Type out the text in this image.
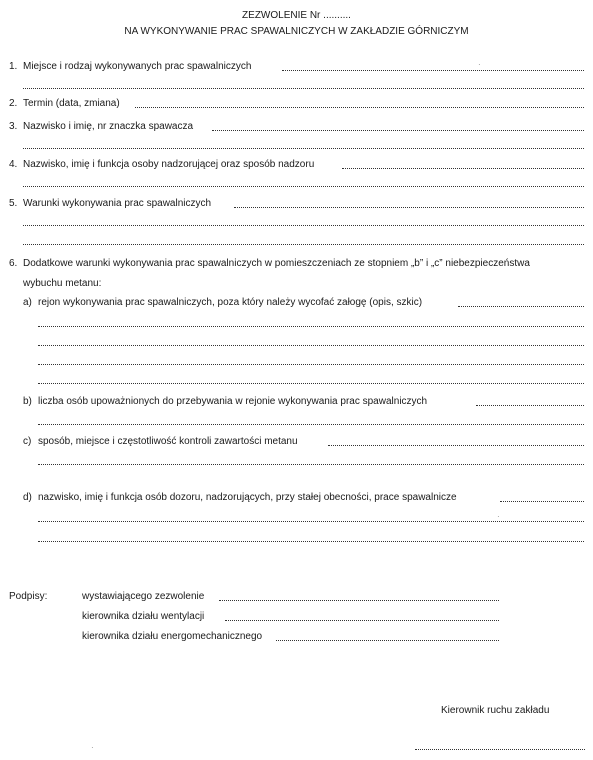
ZEZWOLENIE Nr ..........
NA WYKONYWANIE PRAC SPAWALNICZYCH W ZAKŁADZIE GÓRNICZYM
1. Miejsce i rodzaj wykonywanych prac spawalniczych
2. Termin (data, zmiana)
3. Nazwisko i imię, nr znaczka spawacza
4. Nazwisko, imię i funkcja osoby nadzorującej oraz sposób nadzoru
5. Warunki wykonywania prac spawalniczych
6. Dodatkowe warunki wykonywania prac spawalniczych w pomieszczeniach ze stopniem „b” i „c” niebezpieczeństwa
wybuchu metanu:
a) rejon wykonywania prac spawalniczych, poza który należy wycofać załogę (opis, szkic)
b) liczba osób upoważnionych do przebywania w rejonie wykonywania prac spawalniczych
c) sposób, miejsce i częstotliwość kontroli zawartości metanu
d) nazwisko, imię i funkcja osób dozoru, nadzorujących, przy stałej obecności, prace spawalnicze
Podpisy:	wystawiającego zezwolenie
kierownika działu wentylacji
kierownika działu energomechanicznego
Kierownik ruchu zakładu
·
·
·
